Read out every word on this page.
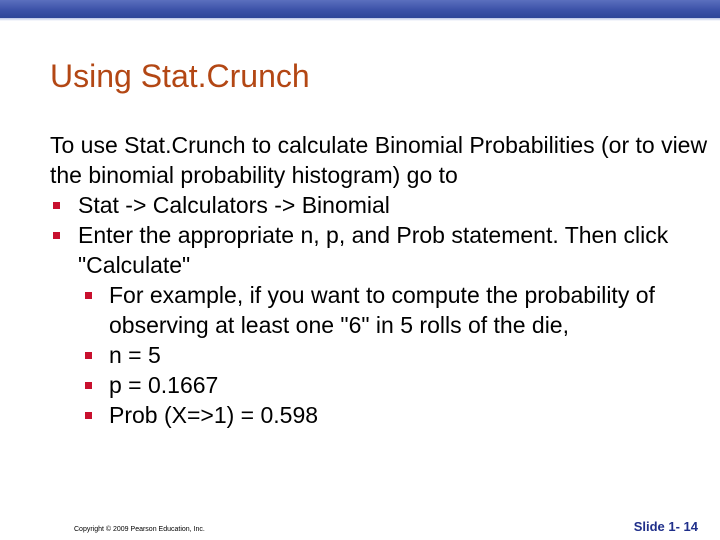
Using Stat.Crunch

To use Stat.Crunch to calculate Binomial Probabilities (or to view the binomial probability histogram) go to

Stat -> Calculators -> Binomial
Enter the appropriate n, p, and Prob statement. Then click "Calculate"
For example, if you want to compute the probability of observing at least one "6" in 5 rolls of the die,
n = 5
p = 0.1667
Prob (X=>1) = 0.598
Copyright © 2009 Pearson Education, Inc.	Slide 1- 14
